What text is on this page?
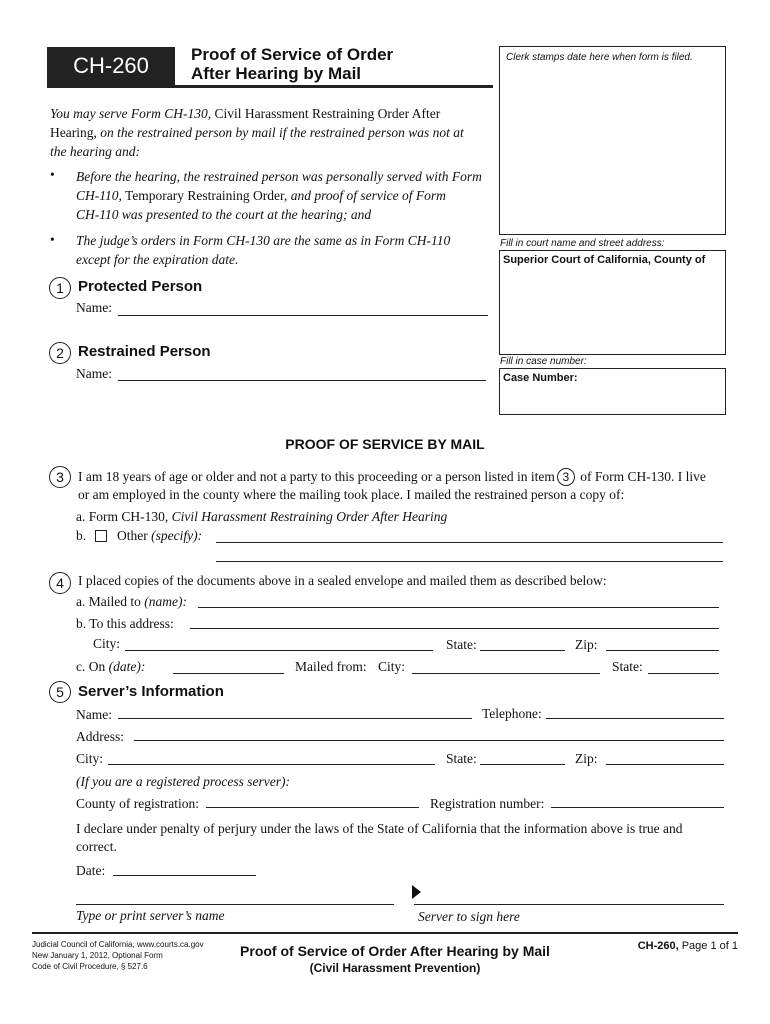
CH-260	Proof of Service of Order
After Hearing by Mail
Clerk stamps date here when form is filed.
Fill in court name and street address:
Superior Court of California, County of
Fill in case number:
Case Number:
You may serve Form CH-130, Civil Harassment Restraining Order After
Hearing, on the restrained person by mail if the restrained person was not at
the hearing and:
• Before the hearing, the restrained person was personally served with Form
CH-110, Temporary Restraining Order, and proof of service of Form
CH-110 was presented to the court at the hearing; and
• The judge’s orders in Form CH-130 are the same as in Form CH-110
except for the expiration date.
1 Protected Person
Name:
2 Restrained Person
Name:
PROOF OF SERVICE BY MAIL
3	I am 18 years of age or older and not a party to this proceeding or a person listed in item 3 of Form CH-130. I live
or am employed in the county where the mailing took place. I mailed the restrained person a copy of:
a. Form CH-130, Civil Harassment Restraining Order After Hearing
b. Other (specify):
4	I placed copies of the documents above in a sealed envelope and mailed them as described below:
a. Mailed to (name):
b. To this address:
City:	State:	Zip:
c. On (date):	Mailed from: City:	State:
5 Server’s Information
Name:	Telephone:
Address:
City:	State:	Zip:
(If you are a registered process server):
County of registration:	Registration number:
I declare under penalty of perjury under the laws of the State of California that the information above is true and
correct.
Date:
Type or print server’s name	Server to sign here
Judicial Council of California, www.courts.ca.gov
New January 1, 2012, Optional Form
Code of Civil Procedure, § 527.6
Proof of Service of Order After Hearing by Mail
(Civil Harassment Prevention)
CH-260, Page 1 of 1
